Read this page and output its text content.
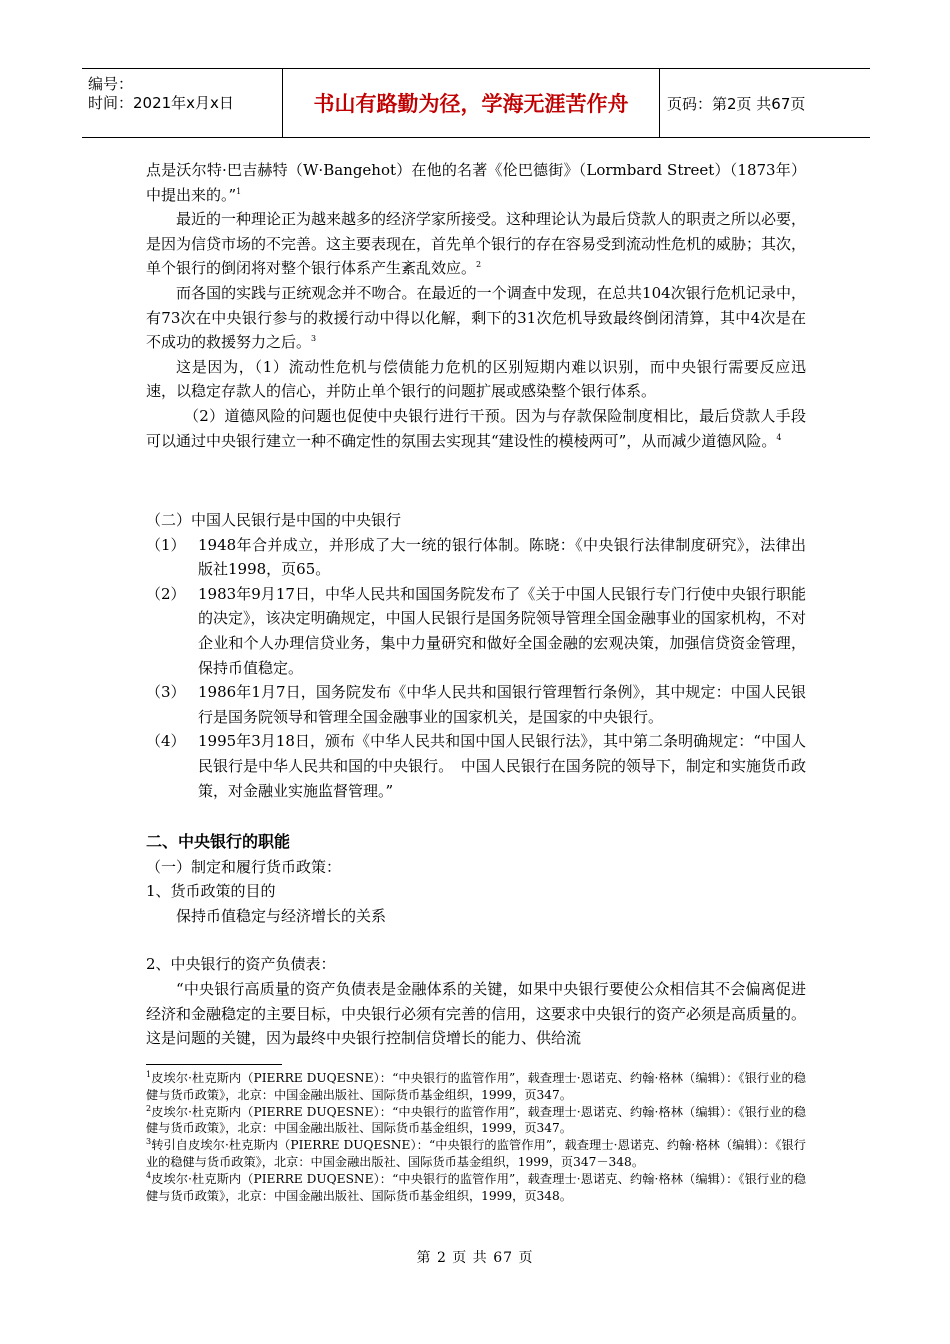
编号：
时间：2021年x月x日	书山有路勤为径，学海无涯苦作舟	页码：第2页 共67页

点是沃尔特·巴吉赫特（W·Bangehot）在他的名著《伦巴德街》（Lormbard Street）（1873年）中提出来的。”$^1$

最近的一种理论正为越来越多的经济学家所接受。这种理论认为最后贷款人的职责之所以必要，是因为信贷市场的不完善。这主要表现在，首先单个银行的存在容易受到流动性危机的威胁；其次，单个银行的倒闭将对整个银行体系产生紊乱效应。$^2$

而各国的实践与正统观念并不吻合。在最近的一个调查中发现，在总共104次银行危机记录中，有73次在中央银行参与的救援行动中得以化解，剩下的31次危机导致最终倒闭清算，其中4次是在不成功的救援努力之后。$^3$

这是因为，（1）流动性危机与偿债能力危机的区别短期内难以识别，而中央银行需要反应迅速，以稳定存款人的信心，并防止单个银行的问题扩展或感染整个银行体系。

（2）道德风险的问题也促使中央银行进行干预。因为与存款保险制度相比，最后贷款人手段可以通过中央银行建立一种不确定性的氛围去实现其“建设性的模棱两可”，从而减少道德风险。$^4$

（二）中国人民银行是中国的中央银行

（1） 1948年合并成立，并形成了大一统的银行体制。陈晓：《中央银行法律制度研究》，法律出版社1998，页65。

（2） 1983年9月17日，中华人民共和国国务院发布了《关于中国人民银行专门行使中央银行职能的决定》，该决定明确规定，中国人民银行是国务院领导管理全国金融事业的国家机构，不对企业和个人办理信贷业务，集中力量研究和做好全国金融的宏观决策，加强信贷资金管理，保持币值稳定。

（3） 1986年1月7日，国务院发布《中华人民共和国银行管理暂行条例》，其中规定：中国人民银行是国务院领导和管理全国金融事业的国家机关，是国家的中央银行。

（4） 1995年3月18日，颁布《中华人民共和国中国人民银行法》，其中第二条明确规定：“中国人民银行是中华人民共和国的中央银行。　中国人民银行在国务院的领导下，制定和实施货币政策，对金融业实施监督管理。”

二、中央银行的职能

（一）制定和履行货币政策：

1、货币政策的目的

保持币值稳定与经济增长的关系

2、中央银行的资产负债表：

“中央银行高质量的资产负债表是金融体系的关键，如果中央银行要使公众相信其不会偏离促进经济和金融稳定的主要目标，中央银行必须有完善的信用，这要求中央银行的资产必须是高质量的。这是问题的关键，因为最终中央银行控制信贷增长的能力、供给流

$^1$皮埃尔·杜克斯内（PIERRE DUQESNE）：“中央银行的监管作用”，载查理士·恩诺克、约翰·格林（编辑）：《银行业的稳健与货币政策》，北京：中国金融出版社、国际货币基金组织，1999，页347。

$^2$皮埃尔·杜克斯内（PIERRE DUQESNE）：“中央银行的监管作用”，载查理士·恩诺克、约翰·格林（编辑）：《银行业的稳健与货币政策》，北京：中国金融出版社、国际货币基金组织，1999，页347。

$^3$转引自皮埃尔·杜克斯内（PIERRE DUQESNE）：“中央银行的监管作用”，载查理士·恩诺克、约翰·格林（编辑）：《银行业的稳健与货币政策》，北京：中国金融出版社、国际货币基金组织，1999，页347－348。

$^4$皮埃尔·杜克斯内（PIERRE DUQESNE）：“中央银行的监管作用”，载查理士·恩诺克、约翰·格林（编辑）：《银行业的稳健与货币政策》，北京：中国金融出版社、国际货币基金组织，1999，页348。

第 2 页 共 67 页
